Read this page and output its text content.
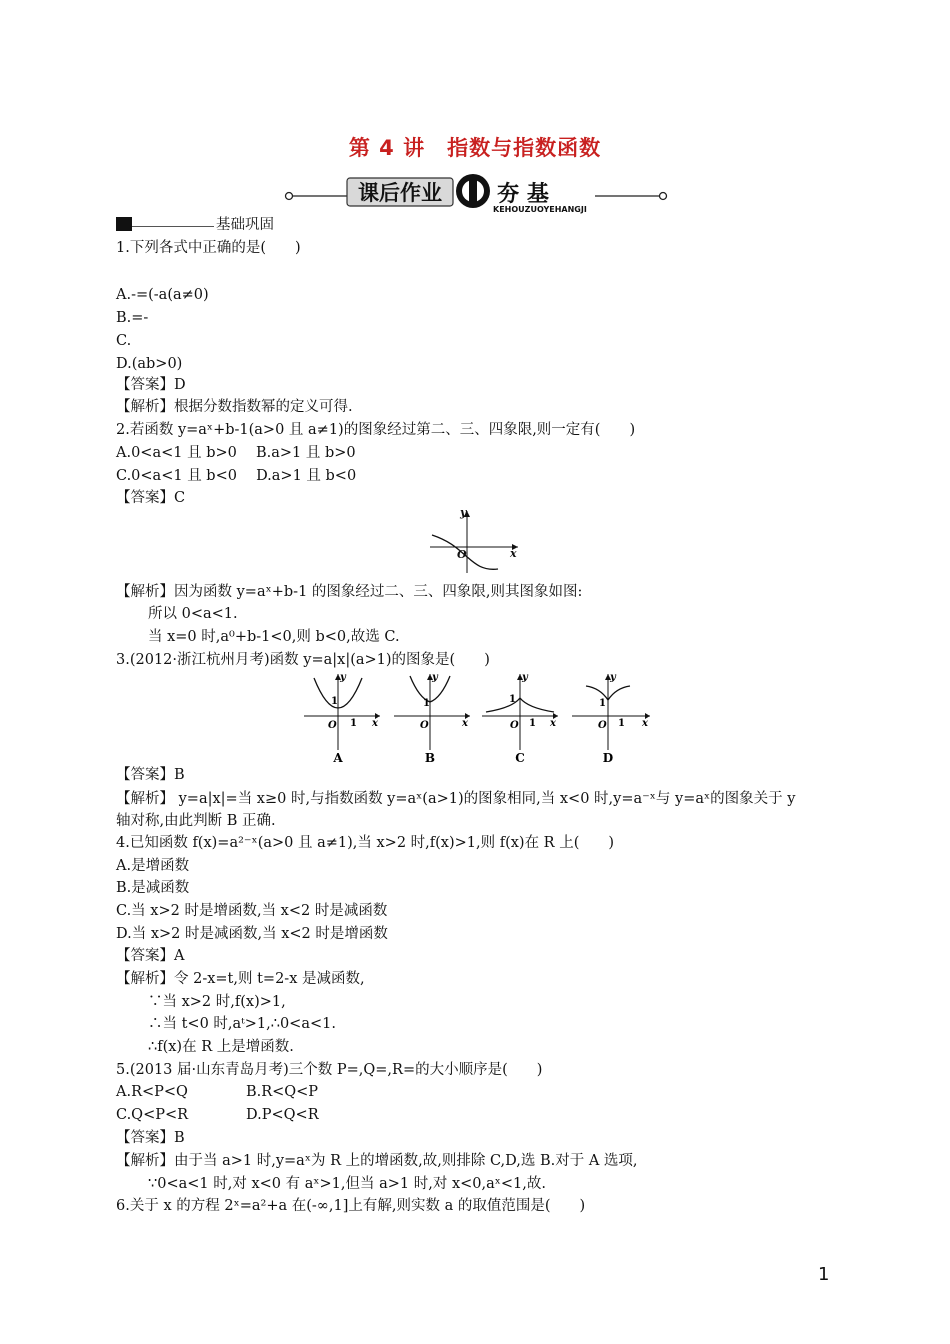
第 4 讲　指数与指数函数
课后作业	夯 基
KEHOUZUOYEHANGJI
基础巩固
1.下列各式中正确的是(　　)
A.-=(-a(a≠0)
B.=-
C.
D.(ab>0)
【答案】D
【解析】根据分数指数幂的定义可得.
2.若函数 y=aˣ+b-1(a>0 且 a≠1)的图象经过第二、三、四象限,则一定有(　　)
A.0<a<1 且 b>0　 B.a>1 且 b>0
C.0<a<1 且 b<0　 D.a>1 且 b<0
【答案】C
y
x
O
【解析】因为函数 y=aˣ+b-1 的图象经过二、三、四象限,则其图象如图:
所以 0<a<1.
当 x=0 时,a⁰+b-1<0,则 b<0,故选 C.
3.(2012·浙江杭州月考)函数 y=a|x|(a>1)的图象是(　　)
y
x
O
1
1
A
y
x
O
1
B
y
x
O
1
1
C
y
x
O
1
1
D
【答案】B
【解析】 y=a|x|=当 x≥0 时,与指数函数 y=aˣ(a>1)的图象相同,当 x<0 时,y=a⁻ˣ与 y=aˣ的图象关于 y
轴对称,由此判断 B 正确.
4.已知函数 f(x)=a²⁻ˣ(a>0 且 a≠1),当 x>2 时,f(x)>1,则 f(x)在 R 上(　　)
A.是增函数
B.是减函数
C.当 x>2 时是增函数,当 x<2 时是减函数
D.当 x>2 时是减函数,当 x<2 时是增函数
【答案】A
【解析】令 2-x=t,则 t=2-x 是减函数,
∵当 x>2 时,f(x)>1,
∴当 t<0 时,aᵗ>1,∴0<a<1.
∴f(x)在 R 上是增函数.
5.(2013 届·山东青岛月考)三个数 P=,Q=,R=的大小顺序是(　　)
A.R<P<Q　　　　B.R<Q<P
C.Q<P<R　　　　D.P<Q<R
【答案】B
【解析】由于当 a>1 时,y=aˣ为 R 上的增函数,故,则排除 C,D,选 B.对于 A 选项,
∵0<a<1 时,对 x<0 有 aˣ>1,但当 a>1 时,对 x<0,aˣ<1,故.
6.关于 x 的方程 2ˣ=a²+a 在(-∞,1]上有解,则实数 a 的取值范围是(　　)
1
